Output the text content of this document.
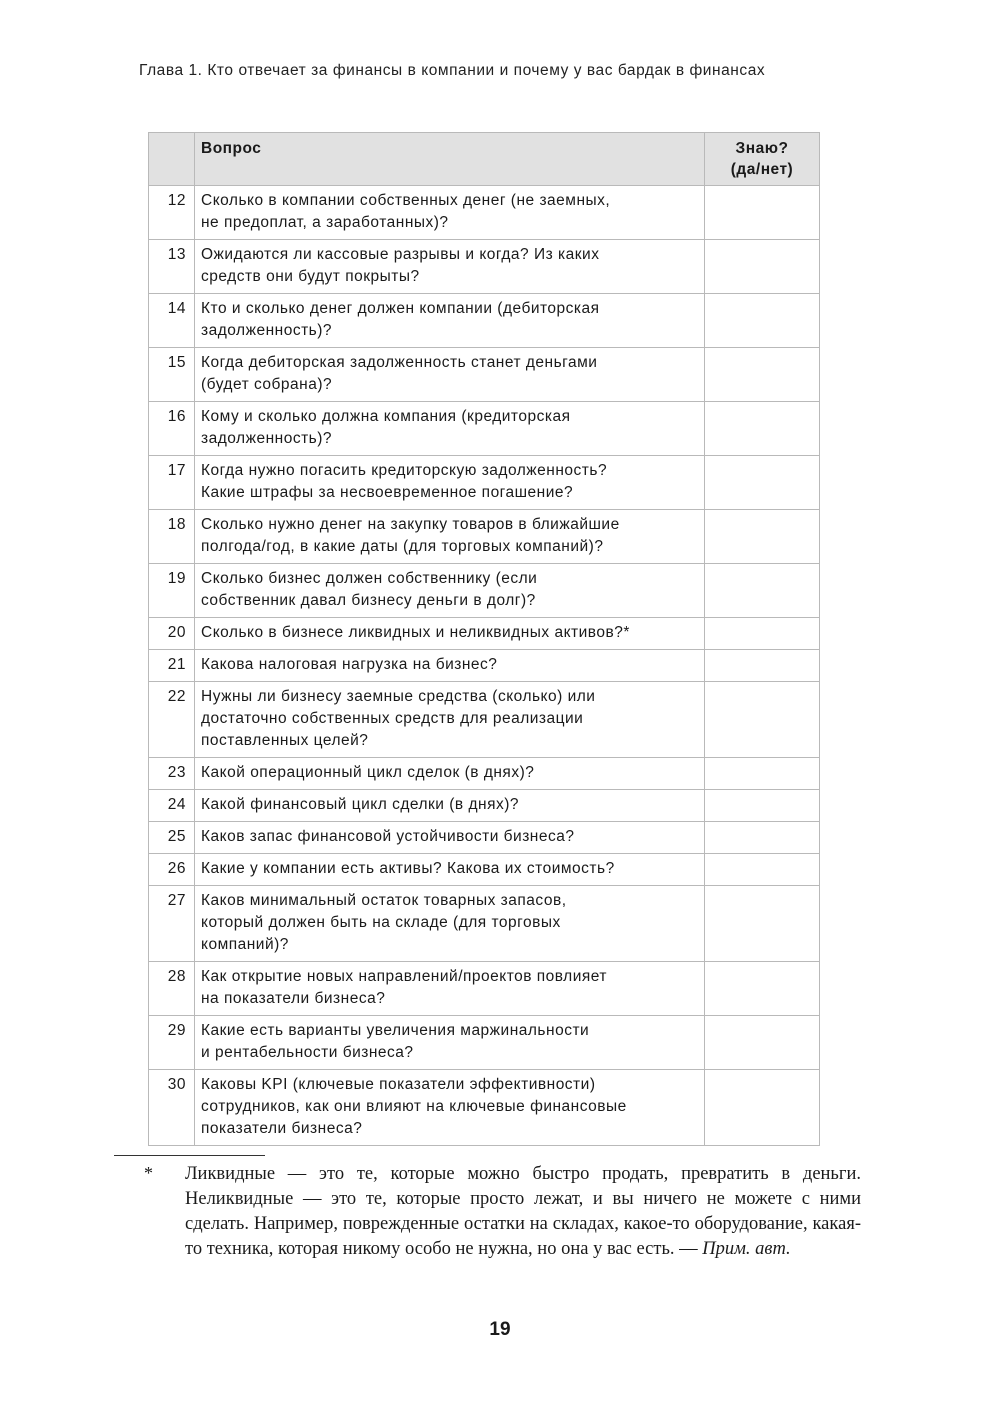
Глава 1. Кто отвечает за финансы в компании и почему у вас бардак в финансах
	Вопрос	Знаю?
(да/нет)

12	Сколько в компании собственных денег (не заемных,
не предоплат, а заработанных)?	

13	Ожидаются ли кассовые разрывы и когда? Из каких
средств они будут покрыты?	

14	Кто и сколько денег должен компании (дебиторская
задолженность)?	

15	Когда дебиторская задолженность станет деньгами
(будет собрана)?	

16	Кому и сколько должна компания (кредиторская
задолженность)?	

17	Когда нужно погасить кредиторскую задолженность?
Какие штрафы за несвоевременное погашение?	

18	Сколько нужно денег на закупку товаров в ближайшие
полгода/год, в какие даты (для торговых компаний)?	

19	Сколько бизнес должен собственнику (если
собственник давал бизнесу деньги в долг)?	

20	Сколько в бизнесе ликвидных и неликвидных активов?*	

21	Какова налоговая нагрузка на бизнес?	

22	Нужны ли бизнесу заемные средства (сколько) или
достаточно собственных средств для реализации
поставленных целей?	

23	Какой операционный цикл сделок (в днях)?	

24	Какой финансовый цикл сделки (в днях)?	

25	Каков запас финансовой устойчивости бизнеса?	

26	Какие у компании есть активы? Какова их стоимость?	

27	Каков минимальный остаток товарных запасов,
который должен быть на складе (для торговых
компаний)?	

28	Как открытие новых направлений/проектов повлияет
на показатели бизнеса?	

29	Какие есть варианты увеличения маржинальности
и рентабельности бизнеса?	

30	Каковы KPI (ключевые показатели эффективности)
сотрудников, как они влияют на ключевые финансовые
показатели бизнеса?	

* Ликвидные — это те, которые можно быстро продать, превратить в деньги. Неликвидные — это те, которые просто лежат, и вы ничего не можете с ними сделать. Например, поврежденные остатки на складах, какое-то оборудование, какая-то техника, которая никому особо не нужна, но она у вас есть. — Прим. авт.
19
